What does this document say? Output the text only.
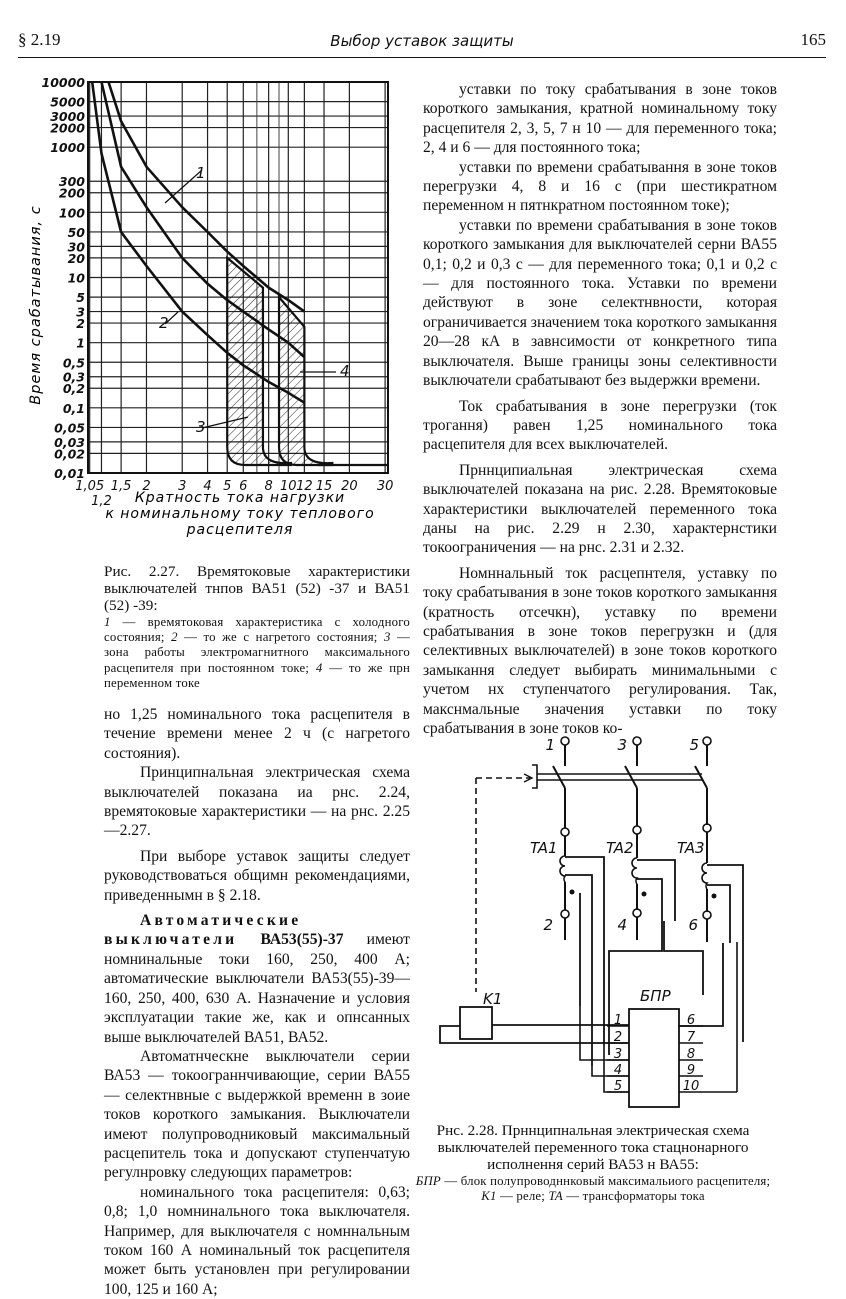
§ 2.19	Выбор уставок защиты	165
10000
5000
3000
2000
1000
300
200
100
50
30
20
10
5
3
2
1
0,5
0,3
0,2
0,1
0,05
0,03
0,02
0,01
1,05
1,2
1,5 2 3 4 5 6 8 10 12 15 20 30
1
2
3
4
Время срабатывания, с
Кратность тока нагрузки
к номинальному току теплового
расцепителя

Рис. 2.27. Времятоковые характеристики выключателей тнпов ВА51 (52) -37 и ВА51 (52) -39:

1 — времятоковая характеристика с холодного состояния; 2 — то же с нагретого состояния; 3 — зона работы электромагнитного максимального расцепителя при постоянном токе; 4 — то же прн переменном токе

но 1,25 номинального тока расцепителя в течение времени менее 2 ч (с нагретого состояния).

Принципнальная электрическая схема выключателей показана иа рнс. 2.24, времятоковые характеристики — на рнс. 2.25—2.27.

При выборе уставок защиты следует руководствоваться общимн рекомендациями, приведеннымн в § 2.18.

Автоматические выключатели ВА53(55)-37 имеют номнинальные токи 160, 250, 400 А; автоматические выключатели ВА53(55)-39—160, 250, 400, 630 А. Назначение и условия эксплуатации такие же, как и опнсанных выше выключателей ВА51, ВА52.

Автоматнческне выключатели серии ВА53 — токоограннчивающие, серии ВА55 — селектнвные с выдержкой временн в зоие токов короткого замыкания. Выключатели имеют полупроводниковый максимальный расцепитель тока и допускают ступенчатую регулнровку следующих параметров:

номинального тока расцепителя: 0,63; 0,8; 1,0 номнинального тока выключателя. Например, для выключателя с номннальным током 160 А номинальный ток расцепителя может быть установлен при регулировании 100, 125 и 160 А;

уставки по току срабатывания в зоне токов короткого замыкания, кратной номинальному току расцепителя 2, 3, 5, 7 н 10 — для переменного тока; 2, 4 и 6 — для постоянного тока;

уставки по времени срабатывання в зоне токов перегрузки 4, 8 и 16 с (при шестикратном переменном н пятнкратном постоянном токе);

уставки по времени срабатывания в зоне токов короткого замыкания для выключателей серни ВА55 0,1; 0,2 и 0,3 с — для переменного тока; 0,1 и 0,2 с — для постоянного тока. Уставки по времени действуют в зоне селектнвности, которая ограничивается значением тока короткого замыкання 20—28 кА в завнсимости от конкретного типа выключателя. Выше границы зоны селективности выключатели срабатывают без выдержки времени.

Ток срабатывания в зоне перегрузки (ток трогання) равен 1,25 номинального тока расцепителя для всех выключателей.

Прннципиальная электрическая схема выключателей показана на рис. 2.28. Времятоковые характеристики выключателей переменного тока даны на рис. 2.29 н 2.30, характернстики токоограничения — на рнс. 2.31 и 2.32.

Номннальный ток расцепнтеля, уставку по току срабатывания в зоне токов короткого замыкання (кратность отсечкн), уставку по времени срабатывания в зоне токов перегрузкн и (для селективных выключателей) в зоне токов короткого замыкання следует выбирать минимальными с учетом нх ступенчатого регулирования. Так, макснмальные значения уставки по току срабатывания в зоне токов ко-

1	3	5
TA1	TA2	TA3
2	4	6
K1	БПР
1
2
3
4
5
6
7
8
9
10

Рнс. 2.28. Прннципнальная электрическая схема выключателей переменного тока стацнонарного исполнення серий ВА53 н ВА55:

БПР — блок полупроводннковый максимальиого расцепителя; K1 — реле; TA — трансформаторы тока
